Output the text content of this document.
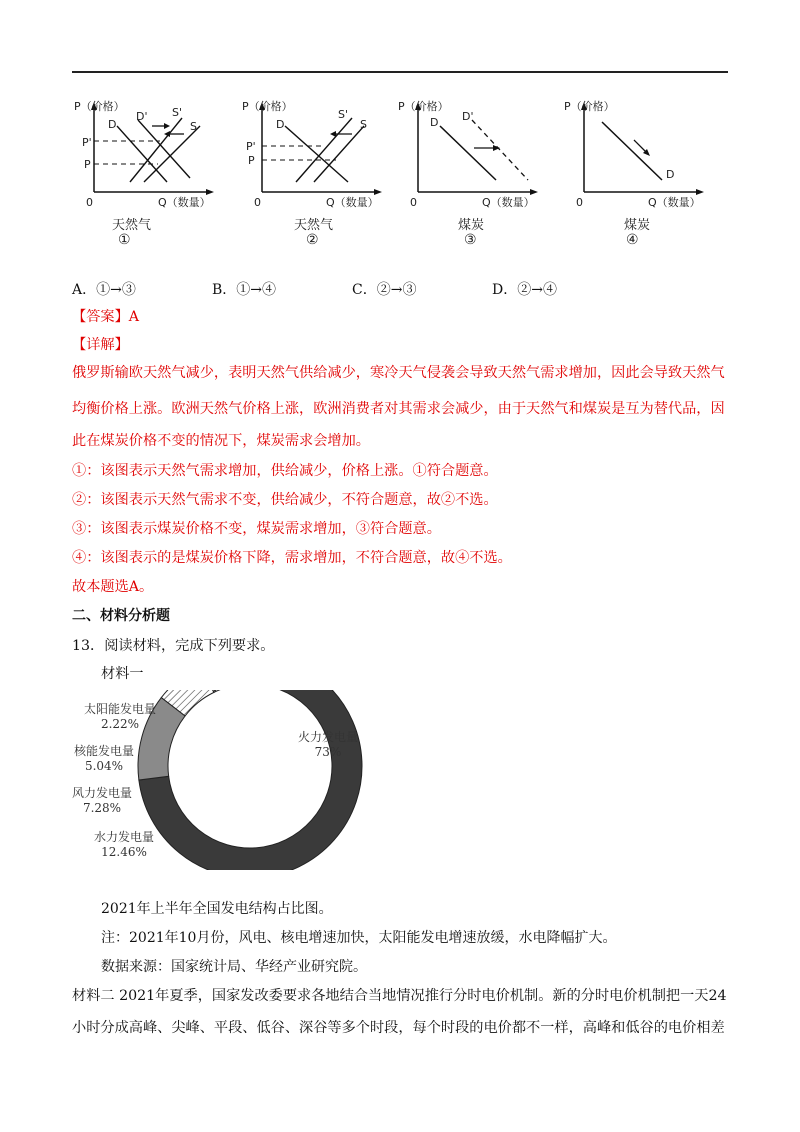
P（价格）
Q（数量）
0
D
D'
S
S'
P'
P
天然气
①
P（价格）
Q（数量）
0
D	S
S'
P'
P
天然气
②
P（价格）
Q（数量）
0
D D'
煤炭
③
P（价格）
Q（数量）
0
D
煤炭
④
A．①→③	B．①→④	C．②→③	D．②→④
【答案】A
【详解】
俄罗斯输欧天然气减少，表明天然气供给减少，寒冷天气侵袭会导致天然气需求增加，因此会导致天然气
均衡价格上涨。欧洲天然气价格上涨，欧洲消费者对其需求会减少，由于天然气和煤炭是互为替代品，因
此在煤炭价格不变的情况下，煤炭需求会增加。
①：该图表示天然气需求增加，供给减少，价格上涨。①符合题意。
②：该图表示天然气需求不变，供给减少，不符合题意，故②不选。
③：该图表示煤炭价格不变，煤炭需求增加，③符合题意。
④：该图表示的是煤炭价格下降，需求增加，不符合题意，故④不选。
故本题选A。
二、材料分析题
13．阅读材料，完成下列要求。
材料一
太阳能发电量
2.22%
核能发电量
5.04%
风力发电量
7.28%
水力发电量
12.46%
火力发电量
73%
2021年上半年全国发电结构占比图。
注：2021年10月份，风电、核电增速加快，太阳能发电增速放缓，水电降幅扩大。
数据来源：国家统计局、华经产业研究院。
材料二 2021年夏季，国家发改委要求各地结合当地情况推行分时电价机制。新的分时电价机制把一天24
小时分成高峰、尖峰、平段、低谷、深谷等多个时段，每个时段的电价都不一样，高峰和低谷的电价相差
